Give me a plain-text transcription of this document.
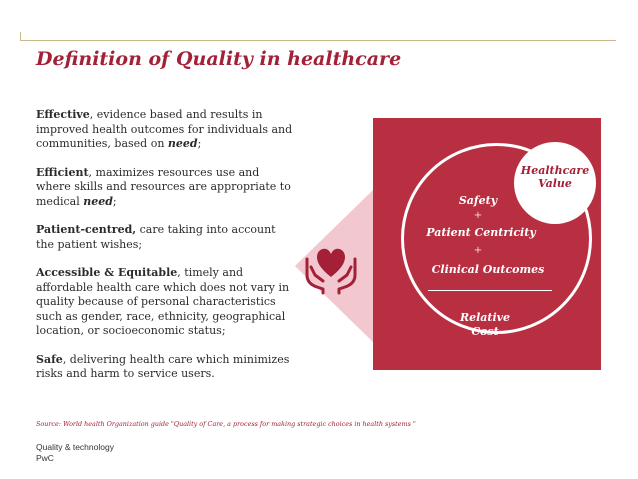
Definition of Quality in healthcare

Effective, evidence based and results in improved health outcomes for individuals and communities, based on need;

Efficient, maximizes resources use and where skills and resources are appropriate to medical need;

Patient-centred, care taking into account the patient wishes;

Accessible & Equitable, timely and affordable health care which does not vary in quality because of personal characteristics such as gender, race, ethnicity, geographical location, or socioeconomic status;

Safe, delivering health care which minimizes risks and harm to service users.

Healthcare Value
Safety
+
Patient Centricity
+
Clinical Outcomes
Relative
Cost
Source: World health Organization guide "Quality of Care, a process for making strategic choices in health systems "
Quality & technology
PwC
